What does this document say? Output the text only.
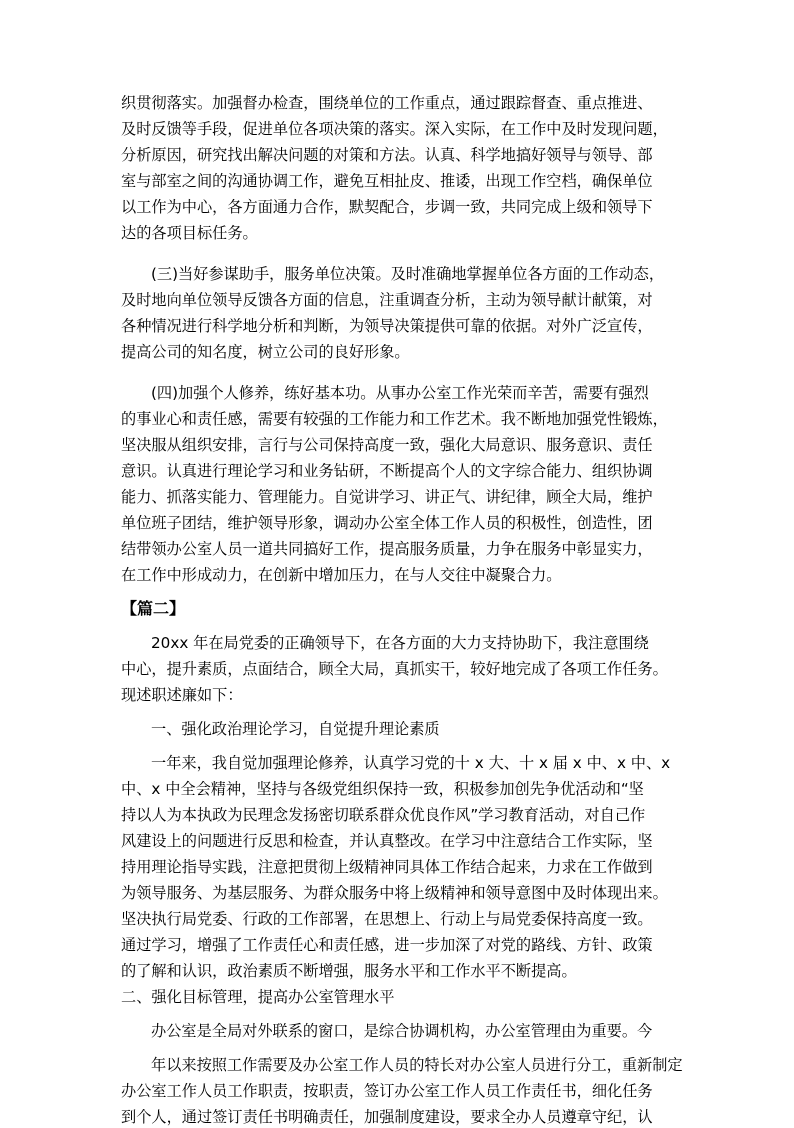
织贯彻落实。加强督办检查，围绕单位的工作重点，通过跟踪督查、重点推进、
及时反馈等手段，促进单位各项决策的落实。深入实际，在工作中及时发现问题，
分析原因，研究找出解决问题的对策和方法。认真、科学地搞好领导与领导、部
室与部室之间的沟通协调工作，避免互相扯皮、推诿，出现工作空档，确保单位
以工作为中心，各方面通力合作，默契配合，步调一致，共同完成上级和领导下
达的各项目标任务。
(三)当好参谋助手，服务单位决策。及时准确地掌握单位各方面的工作动态，
及时地向单位领导反馈各方面的信息，注重调查分析，主动为领导献计献策，对
各种情况进行科学地分析和判断，为领导决策提供可靠的依据。对外广泛宣传，
提高公司的知名度，树立公司的良好形象。
(四)加强个人修养，练好基本功。从事办公室工作光荣而辛苦，需要有强烈
的事业心和责任感，需要有较强的工作能力和工作艺术。我不断地加强党性锻炼，
坚决服从组织安排，言行与公司保持高度一致，强化大局意识、服务意识、责任
意识。认真进行理论学习和业务钻研，不断提高个人的文字综合能力、组织协调
能力、抓落实能力、管理能力。自觉讲学习、讲正气、讲纪律，顾全大局，维护
单位班子团结，维护领导形象，调动办公室全体工作人员的积极性，创造性，团
结带领办公室人员一道共同搞好工作，提高服务质量，力争在服务中彰显实力，
在工作中形成动力，在创新中增加压力，在与人交往中凝聚合力。
【篇二】
20xx 年在局党委的正确领导下，在各方面的大力支持协助下，我注意围绕
中心，提升素质，点面结合，顾全大局，真抓实干，较好地完成了各项工作任务。
现述职述廉如下：
一、强化政治理论学习，自觉提升理论素质
一年来，我自觉加强理论修养，认真学习党的十 x 大、十 x 届 x 中、x 中、x
中、x 中全会精神，坚持与各级党组织保持一致，积极参加创先争优活动和“坚
持以人为本执政为民理念发扬密切联系群众优良作风”学习教育活动，对自己作
风建设上的问题进行反思和检查，并认真整改。在学习中注意结合工作实际，坚
持用理论指导实践，注意把贯彻上级精神同具体工作结合起来，力求在工作做到
为领导服务、为基层服务、为群众服务中将上级精神和领导意图中及时体现出来。
坚决执行局党委、行政的工作部署，在思想上、行动上与局党委保持高度一致。
通过学习，增强了工作责任心和责任感，进一步加深了对党的路线、方针、政策
的了解和认识，政治素质不断增强，服务水平和工作水平不断提高。
二、强化目标管理，提高办公室管理水平
办公室是全局对外联系的窗口，是综合协调机构，办公室管理由为重要。今
年以来按照工作需要及办公室工作人员的特长对办公室人员进行分工，重新制定
办公室工作人员工作职责，按职责，签订办公室工作人员工作责任书，细化任务
到个人，通过签订责任书明确责任，加强制度建设，要求全办人员遵章守纪，认
